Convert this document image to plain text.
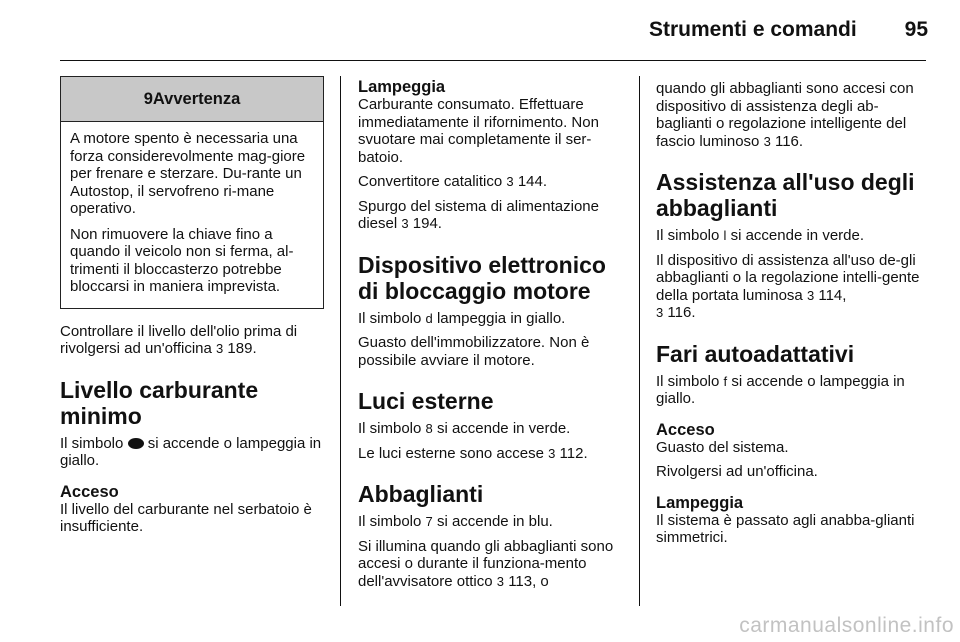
Strumenti e comandi	95
9 Avvertenza

A motore spento è necessaria una forza considerevolmente mag-giore per frenare e sterzare. Du-rante un Autostop, il servofreno ri-mane operativo.

Non rimuovere la chiave fino a quando il veicolo non si ferma, al-trimenti il bloccasterzo potrebbe bloccarsi in maniera imprevista.

Controllare il livello dell'olio prima di rivolgersi ad un'officina 3 189.

Livello carburante minimo

Il simbolo si accende o lampeggia in giallo.

Acceso

Il livello del carburante nel serbatoio è insufficiente.

Lampeggia

Carburante consumato. Effettuare immediatamente il rifornimento. Non svuotare mai completamente il ser-batoio.

Convertitore catalitico 3 144.

Spurgo del sistema di alimentazione diesel 3 194.

Dispositivo elettronico di bloccaggio motore

Il simbolo d lampeggia in giallo.

Guasto dell'immobilizzatore. Non è possibile avviare il motore.

Luci esterne

Il simbolo 8 si accende in verde.

Le luci esterne sono accese 3 112.

Abbaglianti

Il simbolo 7 si accende in blu.

Si illumina quando gli abbaglianti sono accesi o durante il funziona-mento dell'avvisatore ottico 3 113, o

quando gli abbaglianti sono accesi con dispositivo di assistenza degli ab-baglianti o regolazione intelligente del fascio luminoso 3 116.

Assistenza all'uso degli abbaglianti

Il simbolo l si accende in verde.

Il dispositivo di assistenza all'uso de-gli abbaglianti o la regolazione intelli-gente della portata luminosa 3 114,
3 116.

Fari autoadattativi

Il simbolo f si accende o lampeggia in giallo.

Acceso

Guasto del sistema.

Rivolgersi ad un'officina.

Lampeggia

Il sistema è passato agli anabba-glianti simmetrici.

carmanualsonline.info
